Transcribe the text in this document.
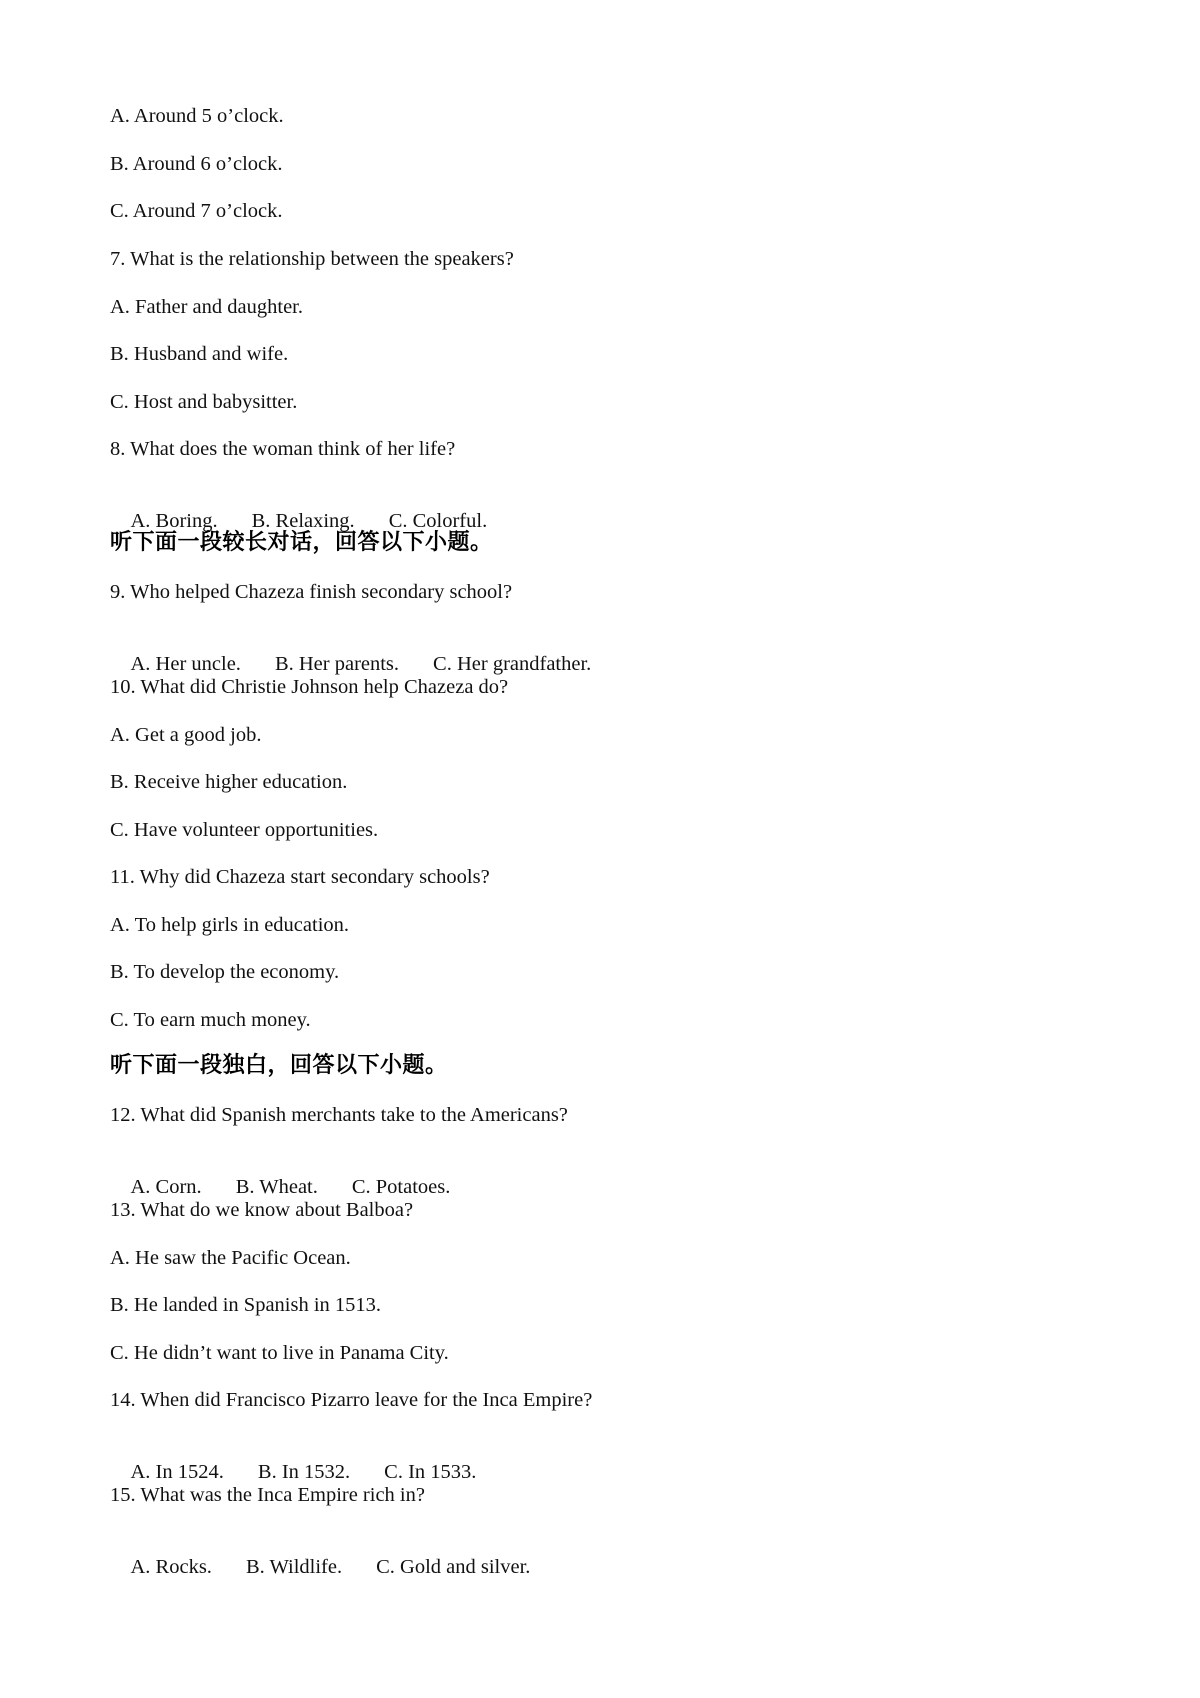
A. Around 5 o’clock.
B. Around 6 o’clock.
C. Around 7 o’clock.
7. What is the relationship between the speakers?
A. Father and daughter.
B. Husband and wife.
C. Host and babysitter.
8. What does the woman think of her life?

A. Boring. B. Relaxing. C. Colorful.

听下面一段较长对话，回答以下小题。
9. Who helped Chazeza finish secondary school?

A. Her uncle. B. Her parents. C. Her grandfather.

10. What did Christie Johnson help Chazeza do?
A. Get a good job.
B. Receive higher education.
C. Have volunteer opportunities.
11. Why did Chazeza start secondary schools?
A. To help girls in education.
B. To develop the economy.
C. To earn much money.
听下面一段独白，回答以下小题。
12. What did Spanish merchants take to the Americans?

A. Corn. B. Wheat. C. Potatoes.

13. What do we know about Balboa?
A. He saw the Pacific Ocean.
B. He landed in Spanish in 1513.
C. He didn’t want to live in Panama City.
14. When did Francisco Pizarro leave for the Inca Empire?

A. In 1524. B. In 1532. C. In 1533.

15. What was the Inca Empire rich in?

A. Rocks. B. Wildlife. C. Gold and silver.
